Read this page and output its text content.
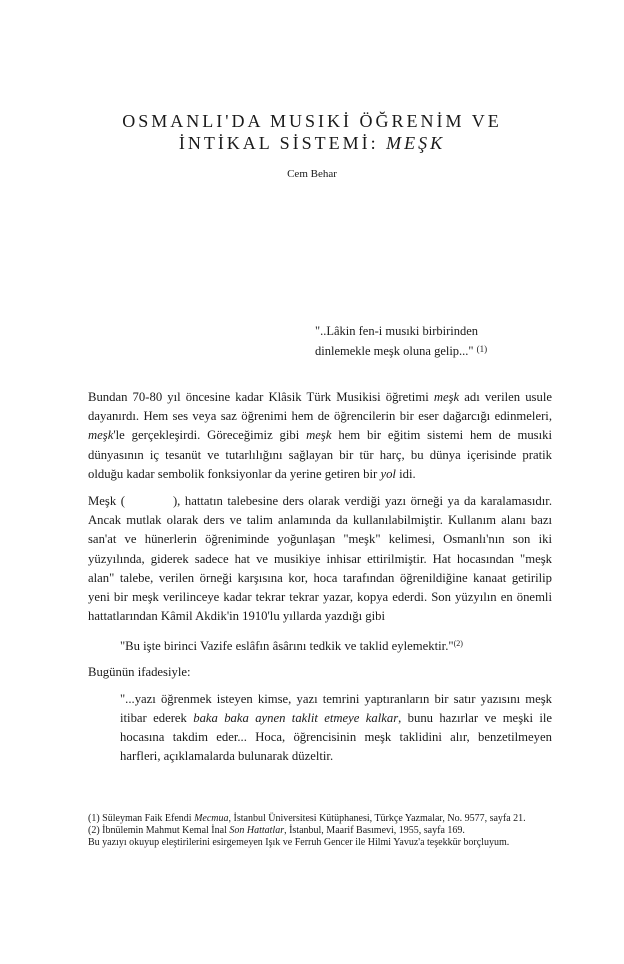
OSMANLI'DA MUSIKİ ÖĞRENİM VE
İNTİKAL SİSTEMİ: MEŞK
Cem Behar
"..Lâkin fen-i musıki birbirinden
dinlemekle meşk oluna gelip..." $^{(1)}$

Bundan 70-80 yıl öncesine kadar Klâsik Türk Musikisi öğretimi meşk adı verilen usule dayanırdı. Hem ses veya saz öğrenimi hem de öğrencilerin bir eser dağarcığı edinmeleri, meşk'le gerçekleşirdi. Göreceğimiz gibi meşk hem bir eğitim sistemi hem de musıki dünyasının iç tesanüt ve tutarlılığını sağlayan bir tür harç, bu dünya içerisinde pratik olduğu kadar sembolik fonksiyonlar da yerine getiren bir yol idi.

Meşk (	), hattatın talebesine ders olarak verdiği yazı örneği ya da karalamasıdır. Ancak mutlak olarak ders ve talim anlamında da kullanılabilmiştir. Kullanım alanı bazı san'at ve hünerlerin öğreniminde yoğunlaşan "meşk" kelimesi, Osmanlı'nın son iki yüzyılında, giderek sadece hat ve musikiye inhisar ettirilmiştir. Hat hocasından "meşk alan" talebe, verilen örneği karşısına kor, hoca tarafından öğrenildiğine kanaat getirilip yeni bir meşk verilinceye kadar tekrar tekrar yazar, kopya ederdi. Son yüzyılın en önemli hattatlarından Kâmil Akdik'in 1910'lu yıllarda yazdığı gibi

"Bu işte birinci Vazife eslâfın âsârını tedkik ve taklid eylemektir."$^{(2)}$

Bugünün ifadesiyle:

"...yazı öğrenmek isteyen kimse, yazı temrini yaptıranların bir satır yazısını meşk itibar ederek baka baka aynen taklit etmeye kalkar, bunu hazırlar ve meşki ile hocasına takdim eder... Hoca, öğrencisinin meşk taklidini alır, benzetilmeyen harfleri, açıklamalarda bulunarak düzeltir.

(1) Süleyman Faik Efendi Mecmua, İstanbul Üniversitesi Kütüphanesi, Türkçe Yazmalar, No. 9577, sayfa 21.
(2) İbnülemin Mahmut Kemal İnal Son Hattatlar, İstanbul, Maarif Basımevi, 1955, sayfa 169.
Bu yazıyı okuyup eleştirilerini esirgemeyen Işık ve Ferruh Gencer ile Hilmi Yavuz'a teşekkür borçluyum.
